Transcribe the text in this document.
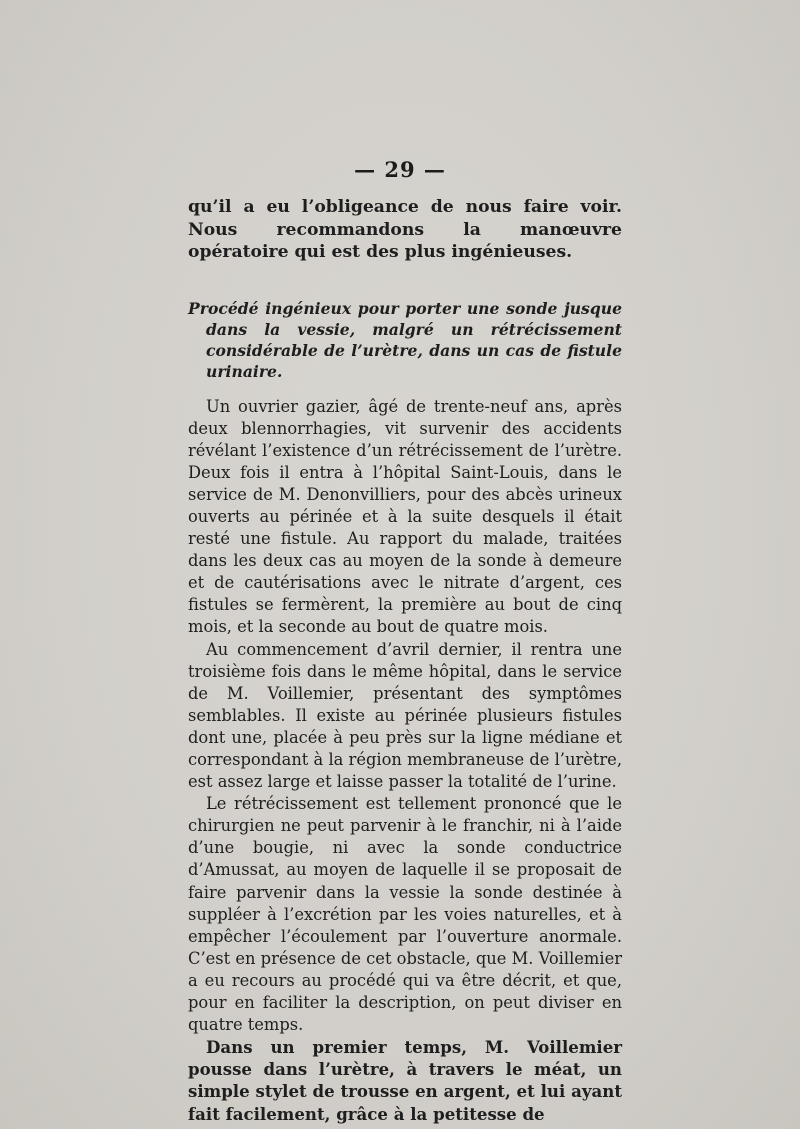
— 29 —

qu’il a eu l’obligeance de nous faire voir. Nous recommandons la manœuvre opératoire qui est des plus ingénieuses.

Procédé ingénieux pour porter une sonde jusque dans la vessie, malgré un rétrécissement considérable de l’urètre, dans un cas de fistule urinaire.

Un ouvrier gazier, âgé de trente-neuf ans, après deux blennorrhagies, vit survenir des accidents révélant l’existence d’un rétrécissement de l’urètre. Deux fois il entra à l’hôpital Saint-Louis, dans le service de M. Denonvilliers, pour des abcès urineux ouverts au périnée et à la suite desquels il était resté une fistule. Au rapport du malade, traitées dans les deux cas au moyen de la sonde à demeure et de cautérisations avec le nitrate d’argent, ces fistules se fermèrent, la première au bout de cinq mois, et la seconde au bout de quatre mois.

Au commencement d’avril dernier, il rentra une troisième fois dans le même hôpital, dans le service de M. Voillemier, présentant des symptômes semblables. Il existe au périnée plusieurs fistules dont une, placée à peu près sur la ligne médiane et correspondant à la région membraneuse de l’urètre, est assez large et laisse passer la totalité de l’urine.

Le rétrécissement est tellement prononcé que le chirurgien ne peut parvenir à le franchir, ni à l’aide d’une bougie, ni avec la sonde conductrice d’Amussat, au moyen de laquelle il se proposait de faire parvenir dans la vessie la sonde destinée à suppléer à l’excrétion par les voies naturelles, et à empêcher l’écoulement par l’ouverture anormale. C’est en présence de cet obstacle, que M. Voillemier a eu recours au procédé qui va être décrit, et que, pour en faciliter la description, on peut diviser en quatre temps.

Dans un premier temps, M. Voillemier pousse dans l’urètre, à travers le méat, un simple stylet de trousse en argent, et lui ayant fait facilement, grâce à la petitesse de
